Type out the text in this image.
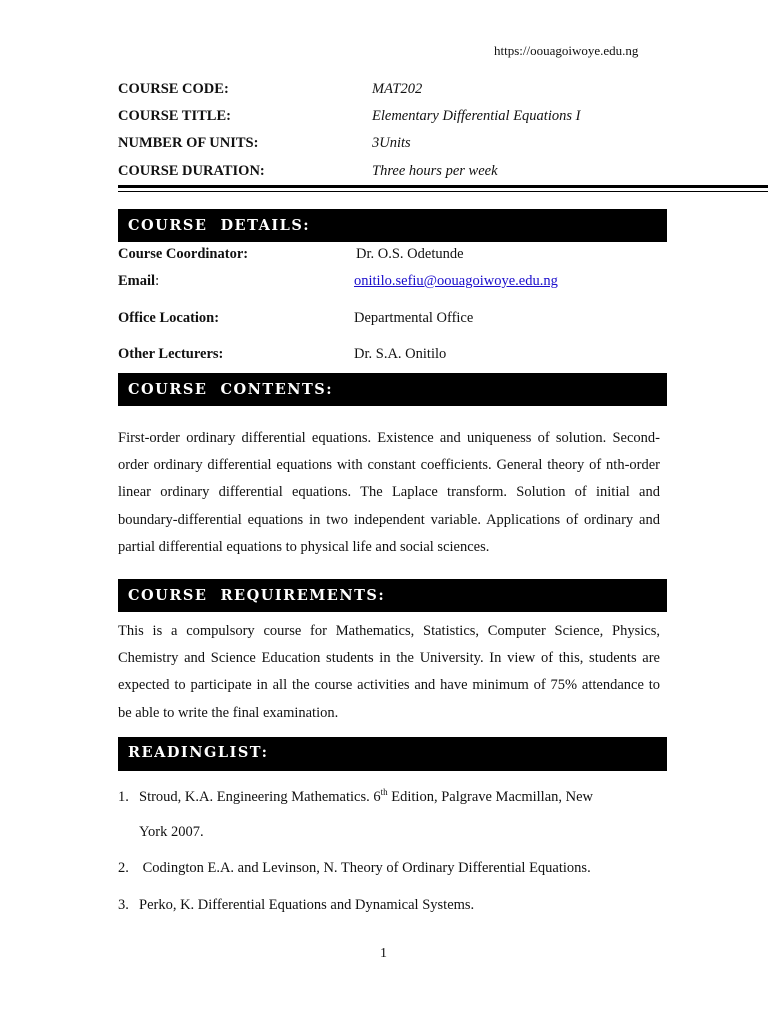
https://oouagoiwoye.edu.ng
COURSE CODE:	MAT202
COURSE TITLE:	Elementary Differential Equations I
NUMBER OF UNITS:	3Units
COURSE DURATION:	Three hours per week
COURSE  DETAILS:
Course Coordinator:	Dr. O.S. Odetunde
Email:	onitilo.sefiu@oouagoiwoye.edu.ng
Office Location:	Departmental Office
Other Lecturers:	Dr. S.A. Onitilo
COURSE  CONTENTS:

First-order ordinary differential equations. Existence and uniqueness of solution. Second-order ordinary differential equations with constant coefficients. General theory of nth-order linear ordinary differential equations. The Laplace transform. Solution of initial and boundary-differential equations in two independent variable. Applications of ordinary and partial differential equations to physical life and social sciences.

COURSE  REQUIREMENTS:

This is a compulsory course for Mathematics, Statistics, Computer Science, Physics, Chemistry and Science Education students in the University. In view of this, students are expected to participate in all the course activities and have minimum of 75% attendance to be able to write the final examination.

READINGLIST:
1. Stroud, K.A. Engineering Mathematics. 6th Edition, Palgrave Macmillan, New
York 2007.
2. Codington E.A. and Levinson, N. Theory of Ordinary Differential Equations.
3. Perko, K. Differential Equations and Dynamical Systems.
1
